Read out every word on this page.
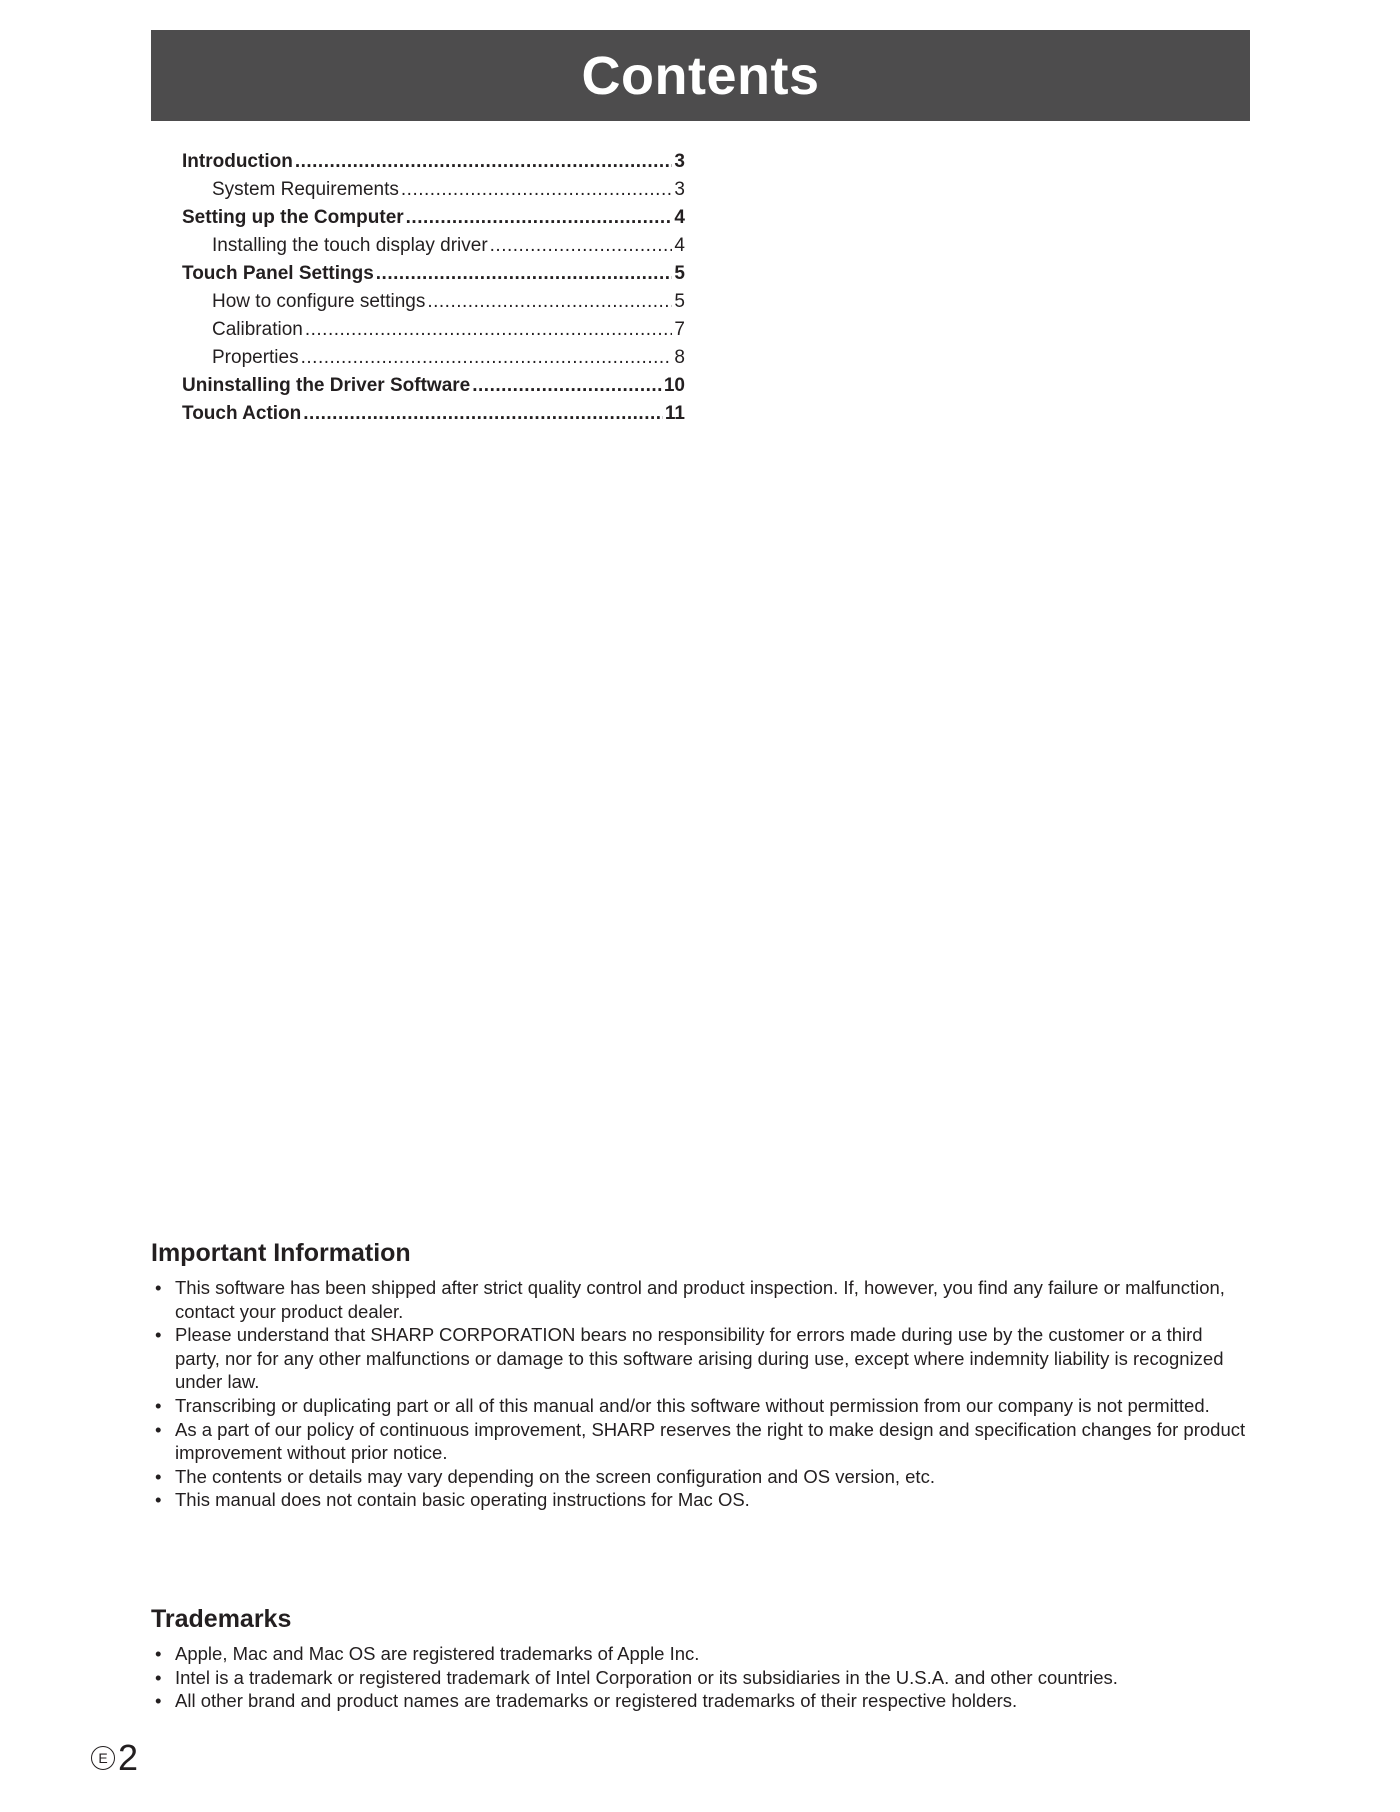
Contents
Introduction .....	3
System Requirements .....	3
Setting up the Computer .....	4
Installing the touch display driver .....	4
Touch Panel Settings .....	5
How to configure settings .....	5
Calibration .....	7
Properties .....	8
Uninstalling the Driver Software .....	10
Touch Action .....	11
Important Information
• This software has been shipped after strict quality control and product inspection. If, however, you find any failure or malfunction, contact your product dealer.
• Please understand that SHARP CORPORATION bears no responsibility for errors made during use by the customer or a third party, nor for any other malfunctions or damage to this software arising during use, except where indemnity liability is recognized under law.
• Transcribing or duplicating part or all of this manual and/or this software without permission from our company is not permitted.
• As a part of our policy of continuous improvement, SHARP reserves the right to make design and specification changes for product improvement without prior notice.
• The contents or details may vary depending on the screen configuration and OS version, etc.
• This manual does not contain basic operating instructions for Mac OS.
Trademarks
• Apple, Mac and Mac OS are registered trademarks of Apple Inc.
• Intel is a trademark or registered trademark of Intel Corporation or its subsidiaries in the U.S.A. and other countries.
• All other brand and product names are trademarks or registered trademarks of their respective holders.
E 2
